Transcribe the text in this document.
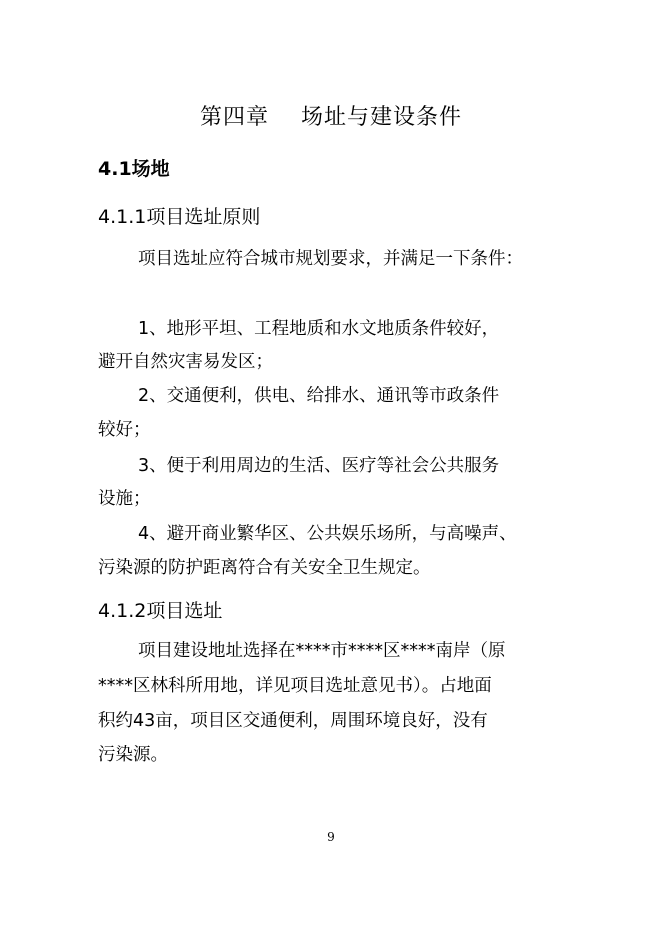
第四章    场址与建设条件
4.1场地
4.1.1项目选址原则
项目选址应符合城市规划要求，并满足一下条件：
1、地形平坦、工程地质和水文地质条件较好，
避开自然灾害易发区；
2、交通便利，供电、给排水、通讯等市政条件
较好；
3、便于利用周边的生活、医疗等社会公共服务
设施；
4、避开商业繁华区、公共娱乐场所，与高噪声、
污染源的防护距离符合有关安全卫生规定。
4.1.2项目选址
项目建设地址选择在****市****区****南岸（原
****区林科所用地，详见项目选址意见书）。占地面
积约43亩，项目区交通便利，周围环境良好，没有
污染源。
9
